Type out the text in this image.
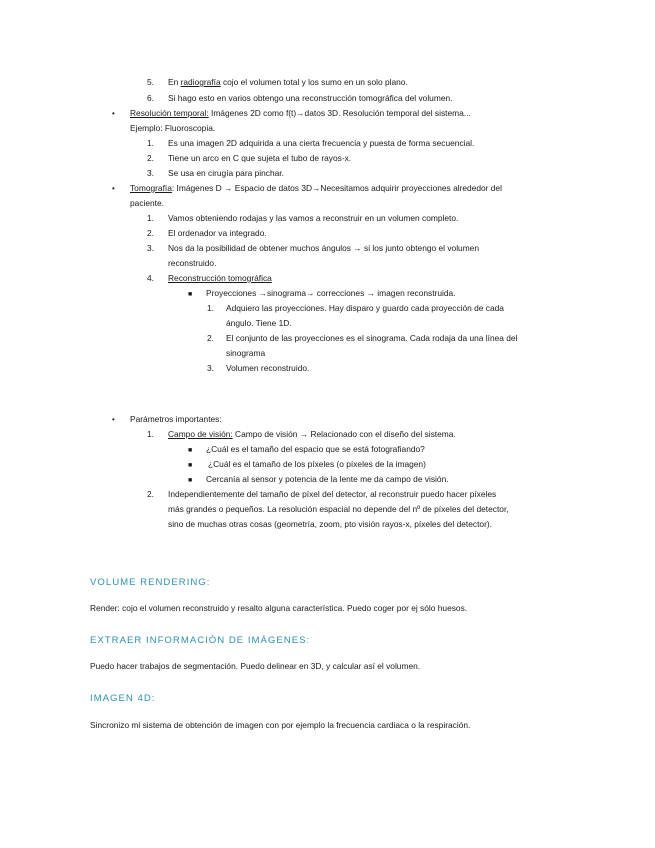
5. En radiografía cojo el volumen total y los sumo en un solo plano.
6. Si hago esto en varios obtengo una reconstrucción tomográfica del volumen.
• Resolución temporal: Imágenes 2D como f(t)→datos 3D. Resolución temporal del sistema...
Ejemplo: Fluoroscopia.
1. Es una imagen 2D adquirida a una cierta frecuencia y puesta de forma secuencial.
2. Tiene un arco en C que sujeta el tubo de rayos-x.
3. Se usa en cirugía para pinchar.
• Tomografía: Imágenes D → Espacio de datos 3D→Necesitamos adquirir proyecciones alrededor del
paciente.
1. Vamos obteniendo rodajas y las vamos a reconstruir en un volumen completo.
2. El ordenador va integrado.
3. Nos da la posibilidad de obtener muchos ángulos → si los junto obtengo el volumen
reconstruido.
4. Reconstrucción tomográfica
■ Proyecciones →sinograma→ correcciones → imagen reconstruida.
1. Adquiero las proyecciones. Hay disparo y guardo cada proyección de cada
ángulo. Tiene 1D.
2. El conjunto de las proyecciones es el sinograma. Cada rodaja da una línea del
sinograma
3. Volumen reconstruido.
• Parámetros importantes:
1. Campo de visión: Campo de visión → Relacionado con el diseño del sistema.
■ ¿Cuál es el tamaño del espacio que se está fotografiando?
■ ¿Cuál es el tamaño de los píxeles (o píxeles de la imagen)
■ Cercanía al sensor y potencia de la lente me da campo de visión.
2. Independientemente del tamaño de píxel del detector, al reconstruir puedo hacer píxeles
más grandes o pequeños. La resolución espacial no depende del nº de píxeles del detector,
sino de muchas otras cosas (geometría, zoom, pto visión rayos-x, píxeles del detector).
VOLUME RENDERING:
Render: cojo el volumen reconstruido y resalto alguna característica. Puedo coger por ej sólo huesos.
EXTRAER INFORMACIÓN DE IMÁGENES:
Puedo hacer trabajos de segmentación. Puedo delinear en 3D, y calcular así el volumen.
IMAGEN 4D:
Sincronizo mi sistema de obtención de imagen con por ejemplo la frecuencia cardiaca o la respiración.
